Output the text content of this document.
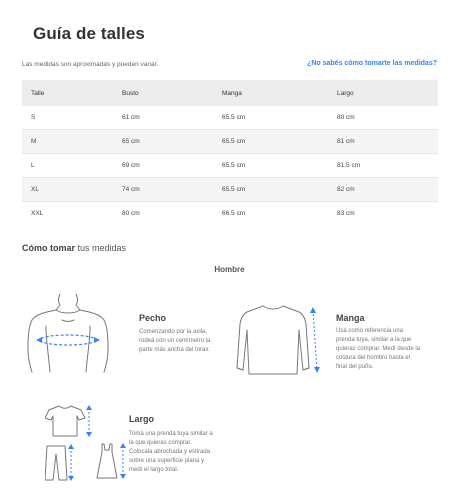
Guía de talles
Las medidas son aproximadas y pueden variar.	¿No sabés cómo tomarte las medidas?
Talle	Busto	Manga	Largo
S	61 cm	65.5 cm	80 cm
M	65 cm	65.5 cm	81 cm
L	69 cm	65.5 cm	81.5 cm
XL	74 cm	65.5 cm	82 cm
XXL	80 cm	66.5 cm	83 cm
Cómo tomar tus medidas
Hombre
Pecho
Comenzando por la axila,
rodeá con un centímetro la
parte más ancha del torax.
Manga
Usá como referencia una
prenda tuya, similar a la que
quieras comprar. Medí desde la
costura del hombro hasta el
final del puño.
Largo
Tomá una prenda tuya similar a
la que quieras comprar.
Colocala abrochada y estirada
sobre una superficie plana y
medí el largo total.
